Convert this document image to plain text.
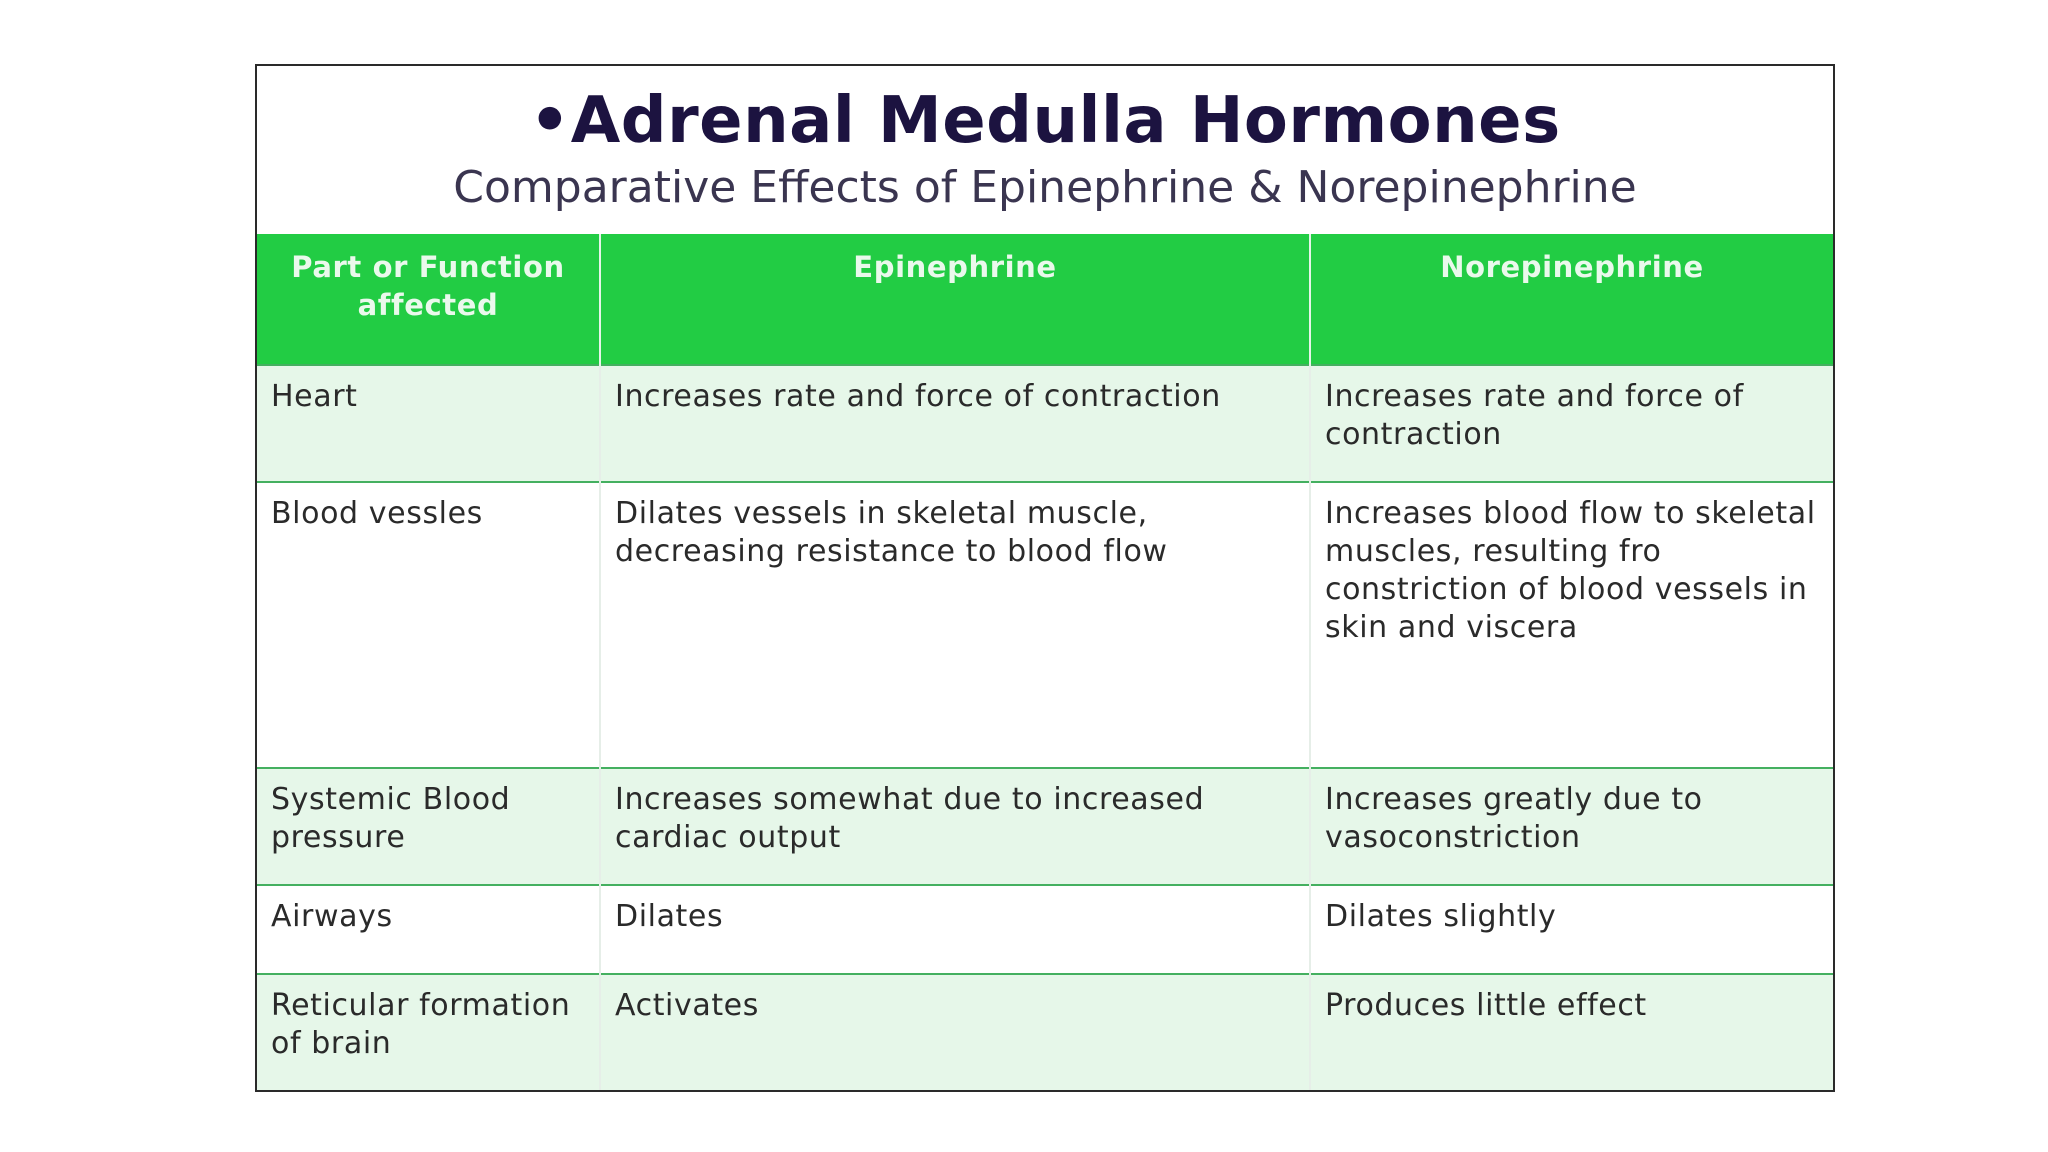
•Adrenal Medulla Hormones
Comparative Effects of Epinephrine & Norepinephrine
Part or Function affected	Epinephrine	Norepinephrine
Heart	Increases rate and force of contraction	Increases rate and force of contraction
Blood vessles	Dilates vessels in skeletal muscle, decreasing resistance to blood flow	Increases blood flow to skeletal muscles, resulting fro constriction of blood vessels in skin and viscera
Systemic Blood pressure	Increases somewhat due to increased cardiac output	Increases greatly due to vasoconstriction
Airways	Dilates	Dilates slightly
Reticular formation of brain	Activates	Produces little effect
